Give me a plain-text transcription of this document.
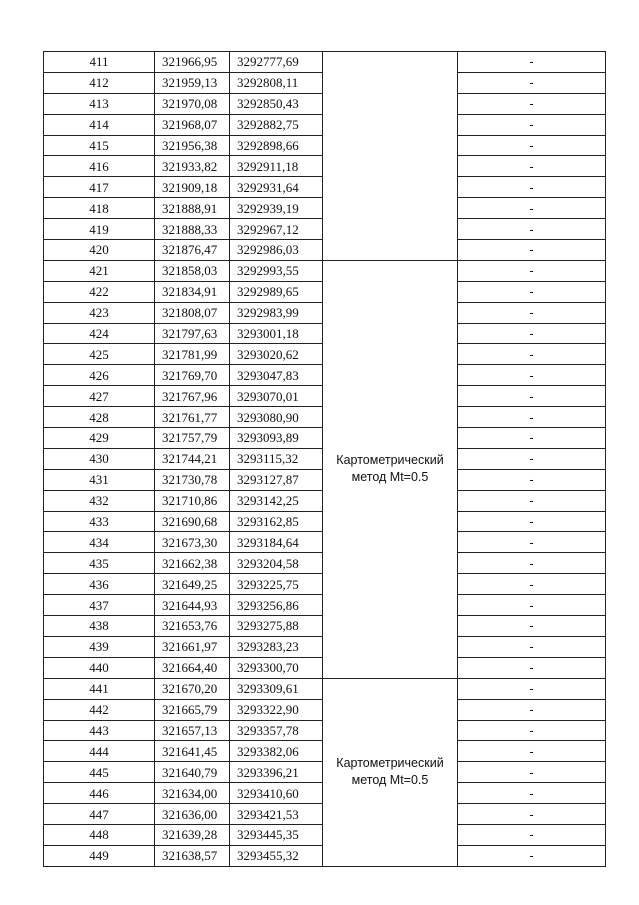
411	321966,95	3292777,69		-
412	321959,13	3292808,11		-
413	321970,08	3292850,43		-
414	321968,07	3292882,75		-
415	321956,38	3292898,66		-
416	321933,82	3292911,18		-
417	321909,18	3292931,64		-
418	321888,91	3292939,19		-
419	321888,33	3292967,12		-
420	321876,47	3292986,03		-
421	321858,03	3292993,55	Картометрический метод Mt=0.5	-
422	321834,91	3292989,65		-
423	321808,07	3292983,99		-
424	321797,63	3293001,18		-
425	321781,99	3293020,62		-
426	321769,70	3293047,83		-
427	321767,96	3293070,01		-
428	321761,77	3293080,90		-
429	321757,79	3293093,89		-
430	321744,21	3293115,32		-
431	321730,78	3293127,87		-
432	321710,86	3293142,25		-
433	321690,68	3293162,85		-
434	321673,30	3293184,64		-
435	321662,38	3293204,58		-
436	321649,25	3293225,75		-
437	321644,93	3293256,86		-
438	321653,76	3293275,88		-
439	321661,97	3293283,23		-
440	321664,40	3293300,70		-
441	321670,20	3293309,61	Картометрический метод Mt=0.5	-
442	321665,79	3293322,90		-
443	321657,13	3293357,78		-
444	321641,45	3293382,06		-
445	321640,79	3293396,21		-
446	321634,00	3293410,60		-
447	321636,00	3293421,53		-
448	321639,28	3293445,35		-
449	321638,57	3293455,32		-
